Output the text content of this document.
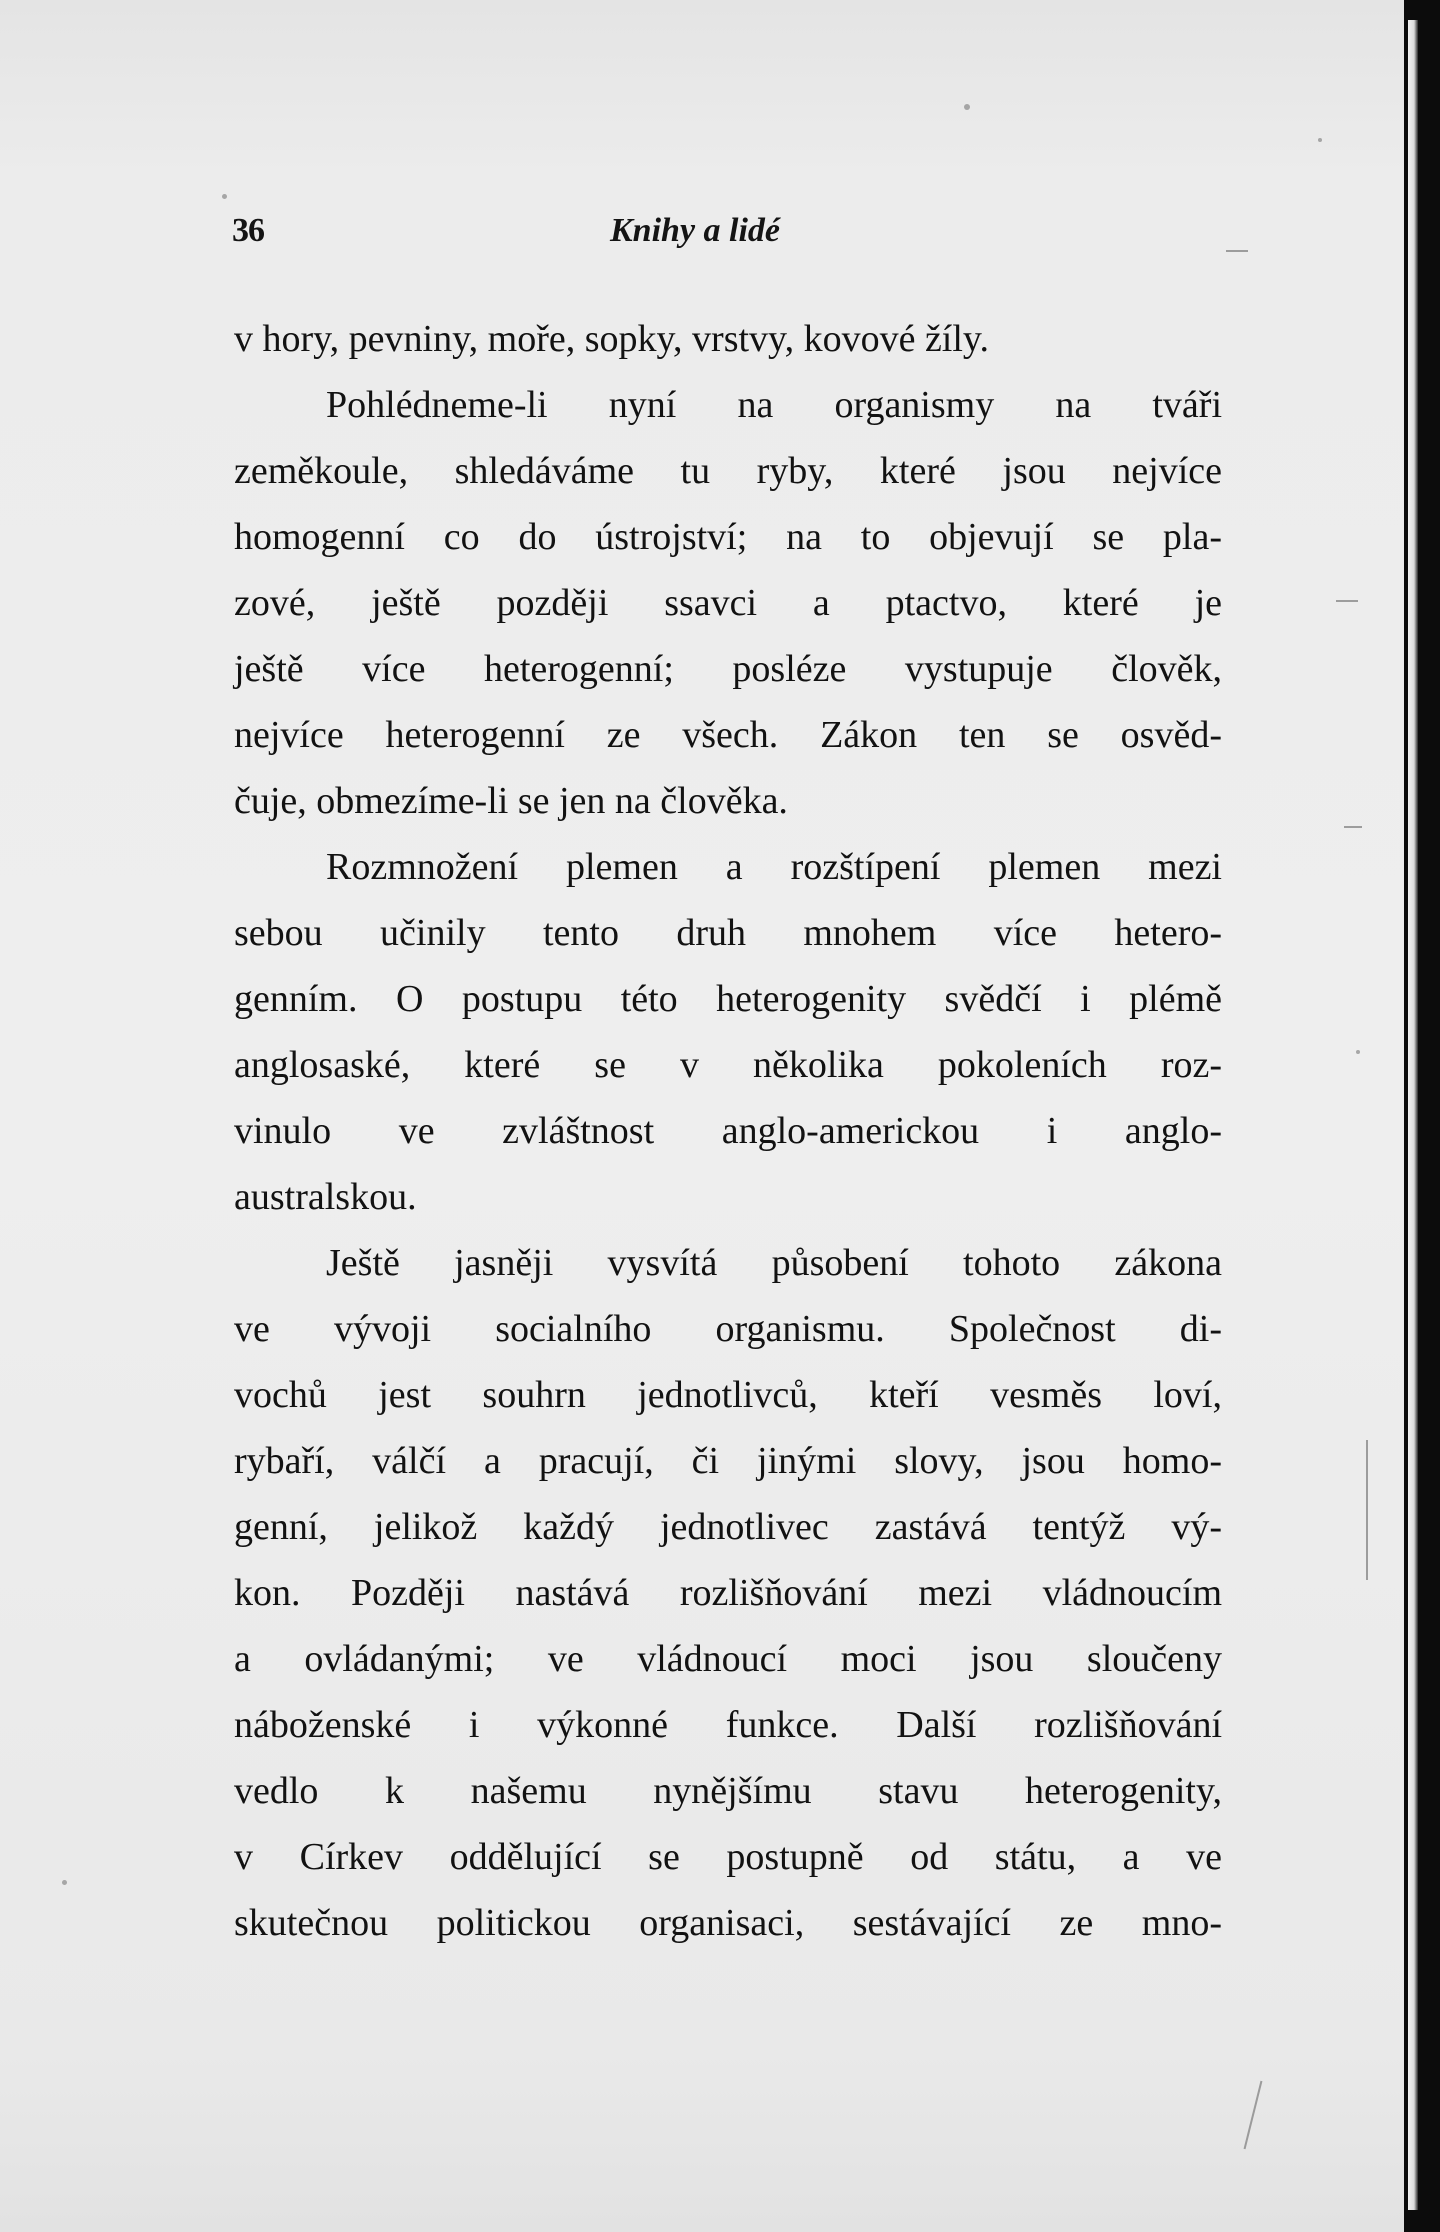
36	Knihy a lidé
v hory, pevniny, moře, sopky, vrstvy, kovové žíly.
Pohlédneme-li nyní na organismy na tváři
zeměkoule, shledáváme tu ryby, které jsou nejvíce
homogenní co do ústrojství; na to objevují se pla-
zové, ještě později ssavci a ptactvo, které je
ještě více heterogenní; posléze vystupuje člověk,
nejvíce heterogenní ze všech. Zákon ten se osvěd-
čuje, obmezíme-li se jen na člověka.
Rozmnožení plemen a rozštípení plemen mezi
sebou učinily tento druh mnohem více hetero-
genním. O postupu této heterogenity svědčí i plémě
anglosaské, které se v několika pokoleních roz-
vinulo ve zvláštnost anglo-americkou i anglo-
australskou.
Ještě jasněji vysvítá působení tohoto zákona
ve vývoji socialního organismu. Společnost di-
vochů jest souhrn jednotlivců, kteří vesměs loví,
rybaří, válčí a pracují, či jinými slovy, jsou homo-
genní, jelikož každý jednotlivec zastává tentýž vý-
kon. Později nastává rozlišňování mezi vládnoucím
a ovládanými; ve vládnoucí moci jsou sloučeny
náboženské i výkonné funkce. Další rozlišňování
vedlo k našemu nynějšímu stavu heterogenity,
v Církev oddělující se postupně od státu, a ve
skutečnou politickou organisaci, sestávající ze mno-
